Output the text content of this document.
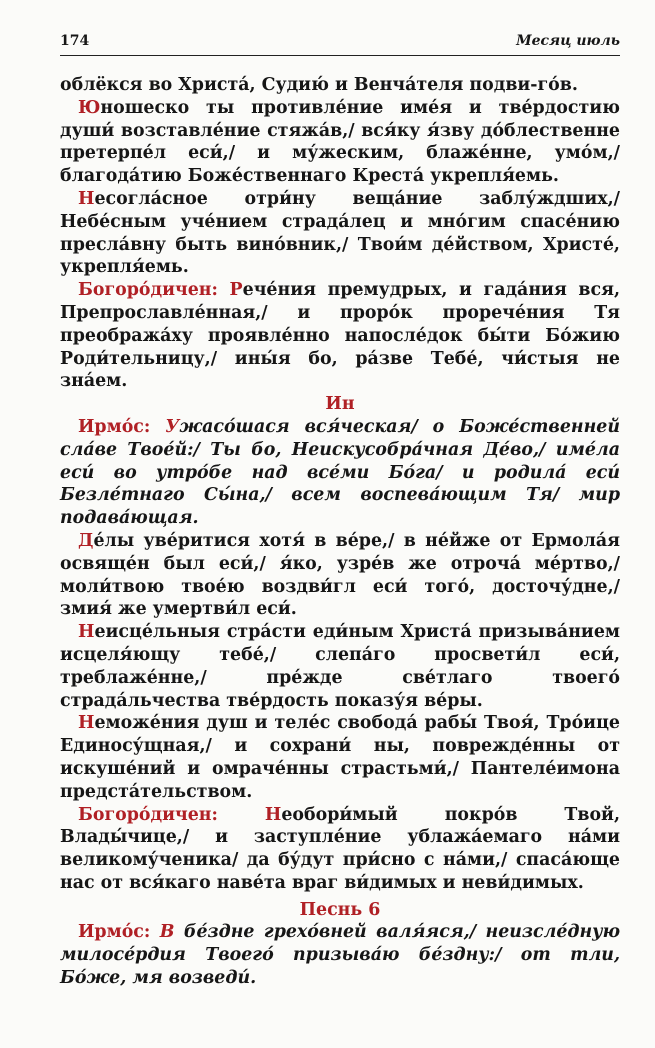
174	Месяц июль

облёкся во Христа́, Судию́ и Венча́теля подви-го́в.

Юношеско ты противле́ние име́я и тве́рдостию души́ возставле́ние стяжа́в,/ вся́ку я́зву до́блественне претерпе́л еси́,/ и му́жеским, блаже́нне, умо́м,/ благода́тию Боже́ственнаго Креста́ укрепля́емь.

Несогла́сное отри́ну веща́ние заблу́ждших,/ Небе́сным уче́нием страда́лец и мно́гим спасе́нию пресла́вну быть вино́вник,/ Твои́м де́йством, Христе́, укрепля́емь.

Богоро́дичен: Рече́ния премудрых, и гада́ния вся, Препрославле́нная,/ и проро́к прорече́ния Тя преобража́ху проявле́нно напосле́док бы́ти Бо́жию Роди́тельницу,/ ины́я бо, ра́зве Тебе́, чи́стыя не зна́ем.

Ин

Ирмо́с: Ужасо́шася вся́ческая/ о Боже́ственней сла́ве Твое́й:/ Ты бо, Неискусобра́чная Де́во,/ име́ла еси́ во утро́бе над все́ми Бо́га/ и родила́ еси́ Безле́тнаго Сы́на,/ всем воспева́ющим Тя/ мир подава́ющая.

Де́лы уве́ритися хотя́ в ве́ре,/ в не́йже от Ермола́я освяще́н был еси́,/ я́ко, узре́в же отроча́ ме́ртво,/ моли́твою твое́ю воздви́гл еси́ того́, досточу́дне,/ змия́ же умертви́л еси́.

Неисце́льныя стра́сти еди́ным Христа́ призыва́нием исцеля́ющу тебе́,/ слепа́го просвети́л еси́, треблаже́нне,/ пре́жде све́тлаго твоего́ страда́льчества тве́рдость показу́я ве́ры.

Неможе́ния душ и теле́с свобода́ рабы́ Твоя́, Тро́ице Единосу́щная,/ и сохрани́ ны, поврежде́нны от искуше́ний и омраче́нны страстьми́,/ Пантеле́имона предста́тельством.

Богоро́дичен: Необори́мый покро́в Твой, Влады́чице,/ и заступле́ние ублажа́емаго на́ми великому́ченика/ да бу́дут при́сно с на́ми,/ спаса́юще нас от вся́каго наве́та враг ви́димых и неви́димых.

Песнь 6

Ирмо́с: В бе́здне грехо́вней валя́яся,/ неизсле́дную милосе́рдия Твоего́ призыва́ю бе́здну:/ от тли, Бо́же, мя возведи́.
